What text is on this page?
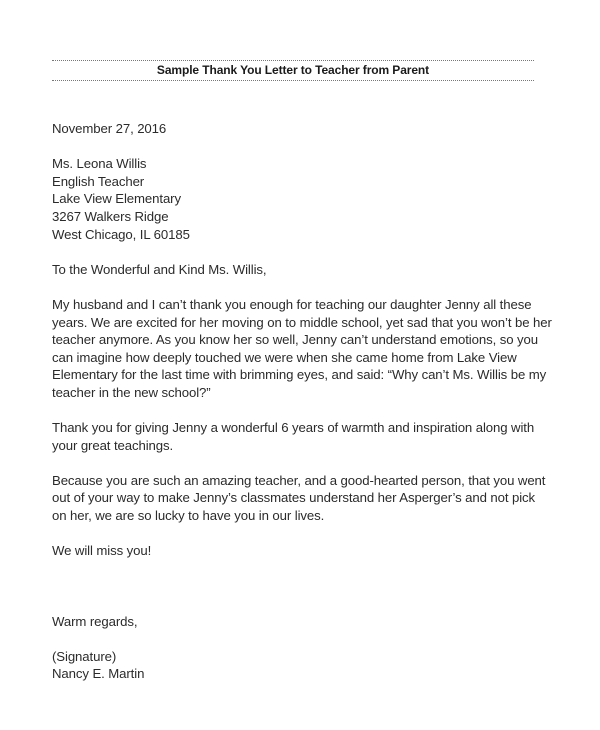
Sample Thank You Letter to Teacher from Parent

November 27, 2016

Ms. Leona Willis
English Teacher
Lake View Elementary
3267 Walkers Ridge
West Chicago, IL 60185

To the Wonderful and Kind Ms. Willis,

My husband and I can’t thank you enough for teaching our daughter Jenny all these years. We are excited for her moving on to middle school, yet sad that you won’t be her teacher anymore. As you know her so well, Jenny can’t understand emotions, so you can imagine how deeply touched we were when she came home from Lake View Elementary for the last time with brimming eyes, and said: “Why can’t Ms. Willis be my teacher in the new school?”

Thank you for giving Jenny a wonderful 6 years of warmth and inspiration along with your great teachings.

Because you are such an amazing teacher, and a good-hearted person, that you went out of your way to make Jenny’s classmates understand her Asperger’s and not pick on her, we are so lucky to have you in our lives.

We will miss you!

Warm regards,

(Signature)
Nancy E. Martin
